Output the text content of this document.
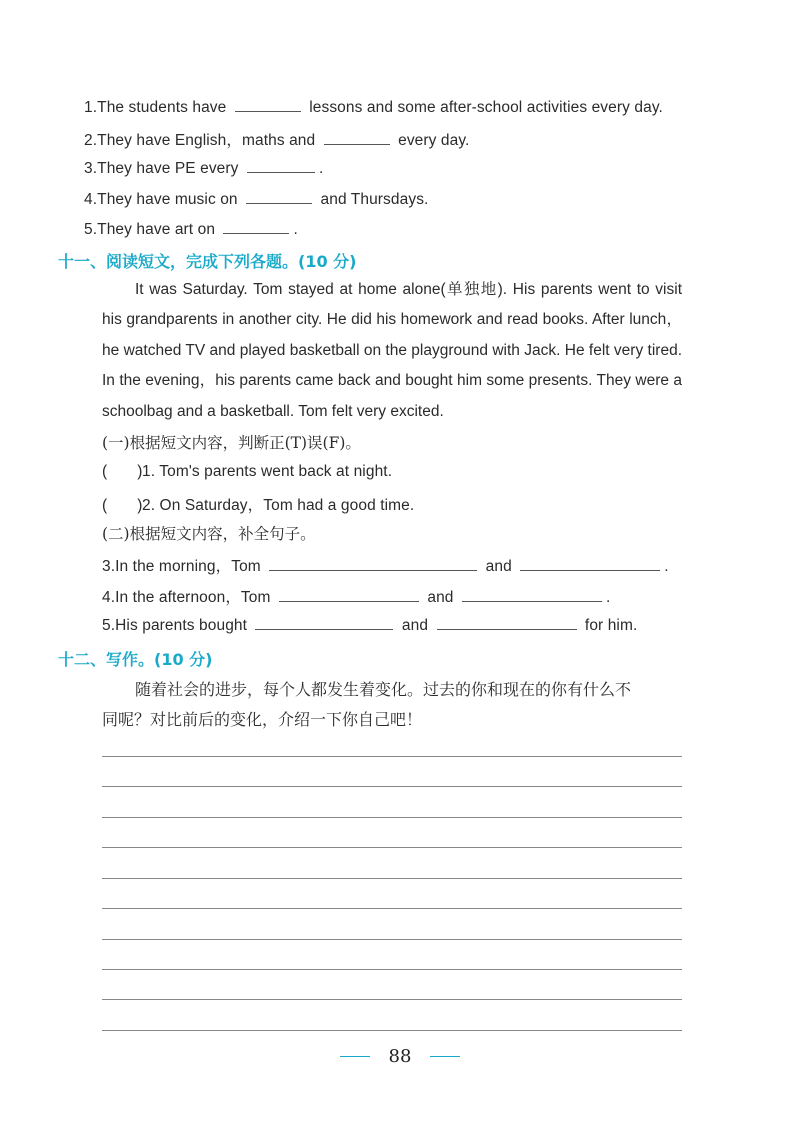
1.The students have	lessons and some after-school activities every day.
2.They have English，maths and	every day.
3.They have PE every	.
4.They have music on	and Thursdays.
5.They have art on	.
十一、阅读短文，完成下列各题。(10 分)

It was Saturday. Tom stayed at home alone(单独地). His parents went to visit his grandparents in another city. He did his homework and read books. After lunch，he watched TV and played basketball on the playground with Jack. He felt very tired. In the evening，his parents came back and bought him some presents. They were a schoolbag and a basketball. Tom felt very excited.

(一)根据短文内容，判断正(T)误(F)。
( )1. Tom's parents went back at night.
( )2. On Saturday，Tom had a good time.
(二)根据短文内容，补全句子。
3.In the morning，Tom	and	.
4.In the afternoon，Tom	and	.
5.His parents bought	and	for him.
十二、写作。(10 分)
随着社会的进步，每个人都发生着变化。过去的你和现在的你有什么不
同呢？对比前后的变化，介绍一下你自己吧！
88
